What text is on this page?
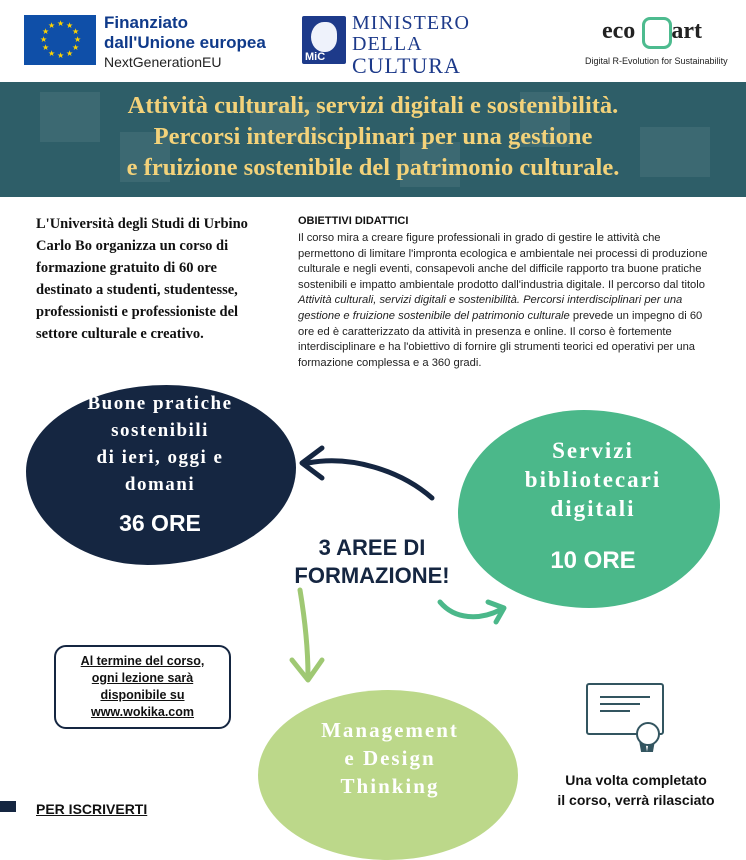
★ ★
★
★
★
★
★
★
★
★
★
★	Finanziato
dall'Unione europea
NextGenerationEU	MiC
MINISTERO
DELLA
CULTURA
eco art
Digital R-Evolution for Sustainability
Attività culturali, servizi digitali e sostenibilità.
Percorsi interdisciplinari per una gestione
e fruizione sostenibile del patrimonio culturale.
L'Università degli Studi di Urbino Carlo Bo organizza un corso di formazione gratuito di 60 ore destinato a studenti, studentesse, professionisti e professioniste del settore culturale e creativo.
OBIETTIVI DIDATTICI
Il corso mira a creare figure professionali in grado di gestire le attività che permettono di limitare l'impronta ecologica e ambientale nei processi di produzione culturale e negli eventi, consapevoli anche del difficile rapporto tra buone pratiche sostenibili e impatto ambientale prodotto dall'industria digitale. Il percorso dal titolo Attività culturali, servizi digitali e sostenibilità. Percorsi interdisciplinari per una gestione e fruizione sostenibile del patrimonio culturale prevede un impegno di 60 ore ed è caratterizzato da attività in presenza e online. Il corso è fortemente interdisciplinare e ha l'obiettivo di fornire gli strumenti teorici ed operativi per una formazione complessa e a 360 gradi.
Buone pratiche
sostenibili
di ieri, oggi e
domani
36 ORE
Servizi
bibliotecari
digitali
10 ORE
Management
e Design
Thinking
3 AREE DI
FORMAZIONE!
Al termine del corso,
ogni lezione sarà
disponibile su
www.wokika.com
Una volta completato
il corso, verrà rilasciato
PER ISCRIVERTI
